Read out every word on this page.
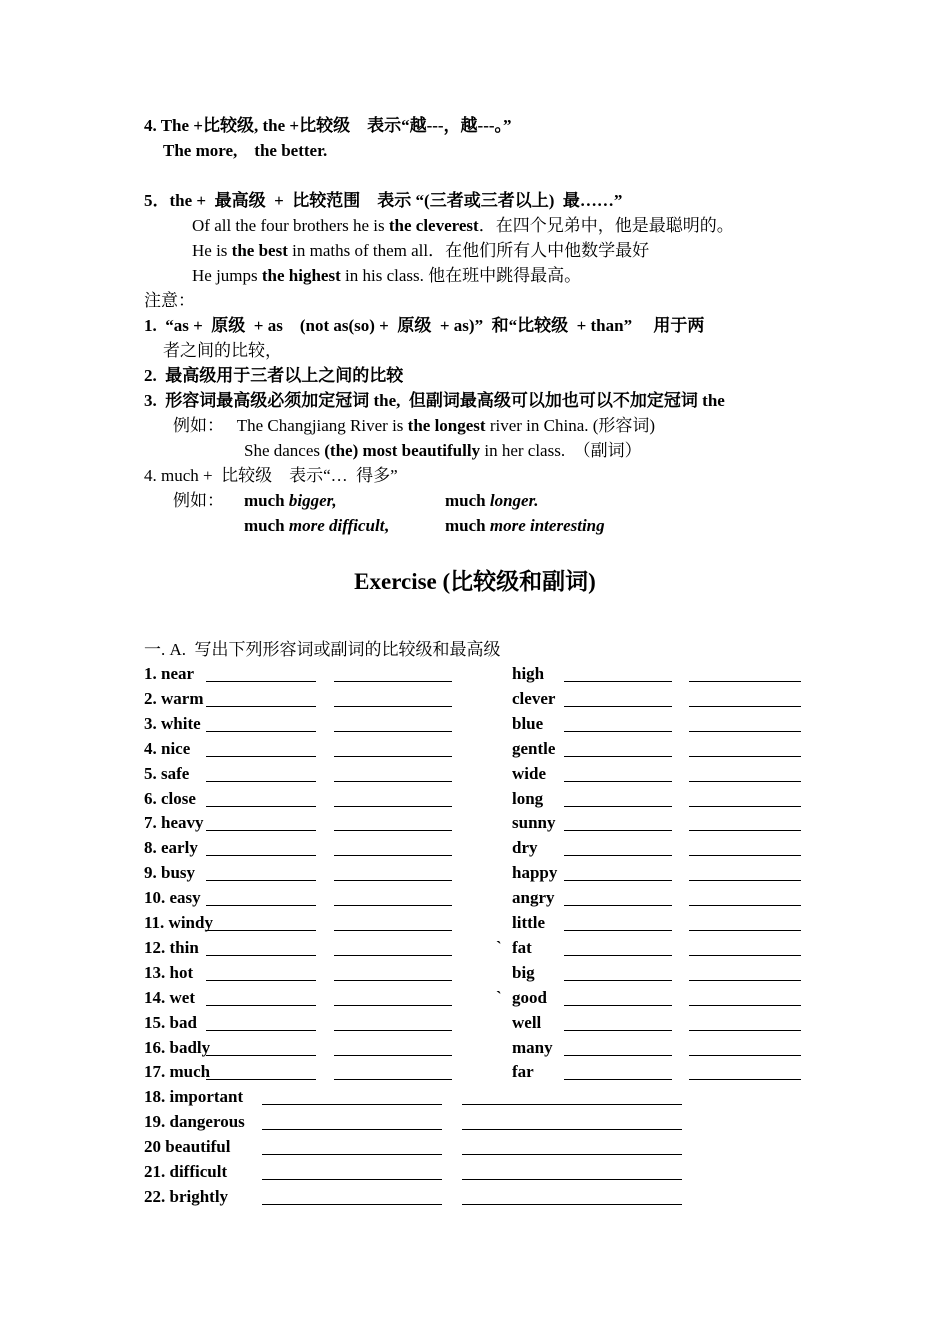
4. The +比较级, the +比较级    表示“越---，越---。”
The more,    the better.
5．the +  最高级  +  比较范围    表示 “(三者或三者以上)  最……”
Of all the four brothers he is the cleverest．在四个兄弟中，他是最聪明的。
He is the best in maths of them all．在他们所有人中他数学最好
He jumps the highest in his class. 他在班中跳得最高。
注意：
1.  “as +  原级  + as    (not as(so) +  原级  + as)”  和“比较级  + than”     用于两
者之间的比较，
2.  最高级用于三者以上之间的比较
3.  形容词最高级必须加定冠词 the,  但副词最高级可以加也可以不加定冠词 the
例如： The Changjiang River is the longest river in China. (形容词)
She dances (the) most beautifully in her class.  （副词）
4. much +  比较级    表示“…  得多”
例如： much bigger,	much longer.
much more difficult,	much more interesting
Exercise (比较级和副词)
一. A.  写出下列形容词或副词的比较级和最高级
1. near	high
2. warm	clever
3. white	blue
4. nice	gentle
5. safe	wide
6. close	long
7. heavy	sunny
8. early	dry
9. busy	happy
10. easy	angry
11. windy	little
12. thin	` fat
13. hot	big
14. wet	` good
15. bad	well
16. badly	many
17. much	far
18. important
19. dangerous
20 beautiful
21. difficult
22. brightly
